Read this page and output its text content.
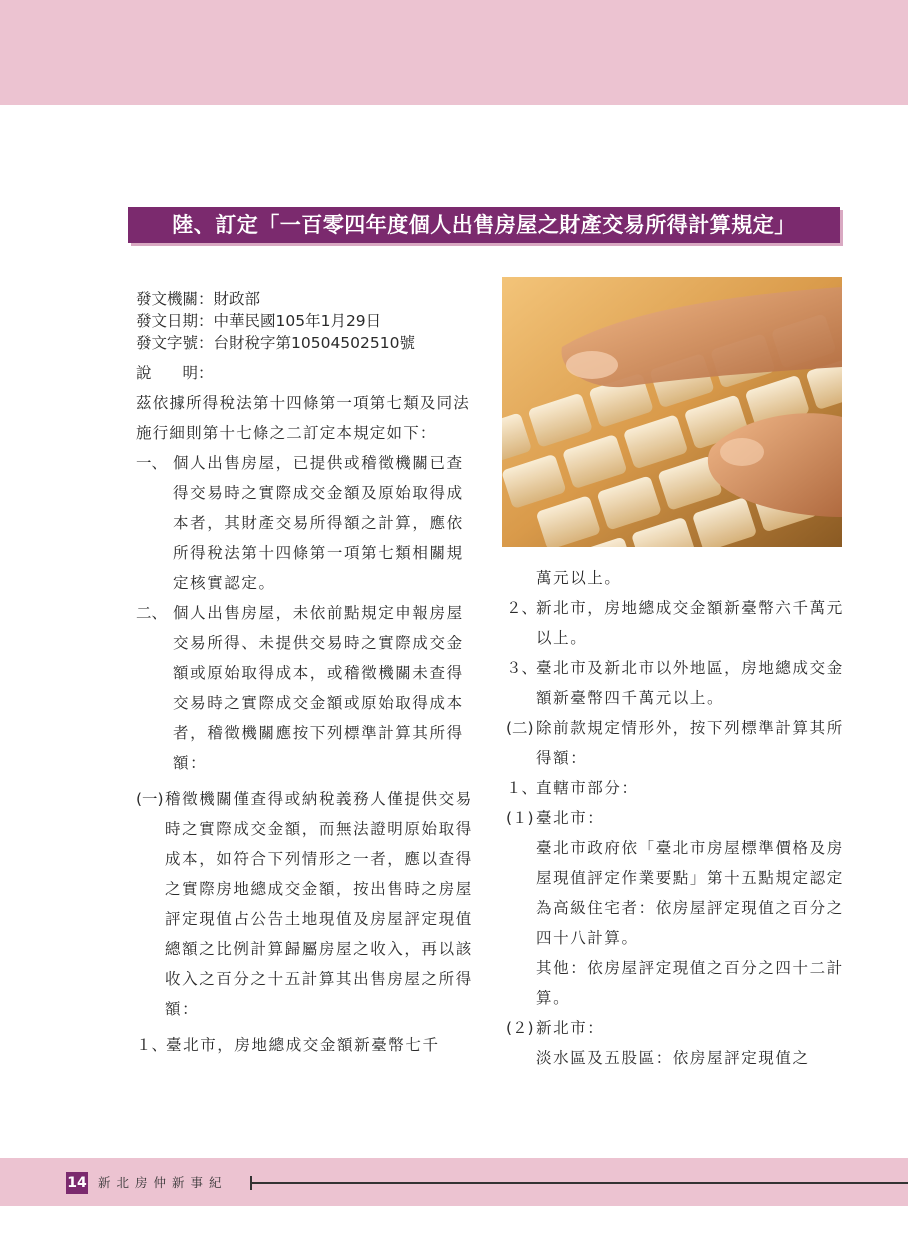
陸、訂定「一百零四年度個人出售房屋之財產交易所得計算規定」

發文機關：財政部

發文日期：中華民國105年1月29日

發文字號：台財稅字第10504502510號

說　　明：

茲依據所得稅法第十四條第一項第七類及同法施行細則第十七條之二訂定本規定如下：

一、 個人出售房屋，已提供或稽徵機關已查得交易時之實際成交金額及原始取得成本者，其財產交易所得額之計算，應依所得稅法第十四條第一項第七類相關規定核實認定。
二、 個人出售房屋，未依前點規定申報房屋交易所得、未提供交易時之實際成交金額或原始取得成本，或稽徵機關未查得交易時之實際成交金額或原始取得成本者，稽徵機關應按下列標準計算其所得額：
(一) 稽徵機關僅查得或納稅義務人僅提供交易時之實際成交金額，而無法證明原始取得成本，如符合下列情形之一者，應以查得之實際房地總成交金額，按出售時之房屋評定現值占公告土地現值及房屋評定現值總額之比例計算歸屬房屋之收入，再以該收入之百分之十五計算其出售房屋之所得額：
１、
臺北市，房地總成交金額新臺幣七千

萬元以上。

２、
新北市，房地總成交金額新臺幣六千萬元以上。
３、
臺北市及新北市以外地區，房地總成交金額新臺幣四千萬元以上。
(二) 除前款規定情形外，按下列標準計算其所得額：
１、
直轄市部分：
(１) 臺北市：

臺北市政府依「臺北市房屋標準價格及房屋現值評定作業要點」第十五點規定認定為高級住宅者：依房屋評定現值之百分之四十八計算。

其他：依房屋評定現值之百分之四十二計算。

(２) 新北市：

淡水區及五股區：依房屋評定現值之

14 新北房仲新事紀
